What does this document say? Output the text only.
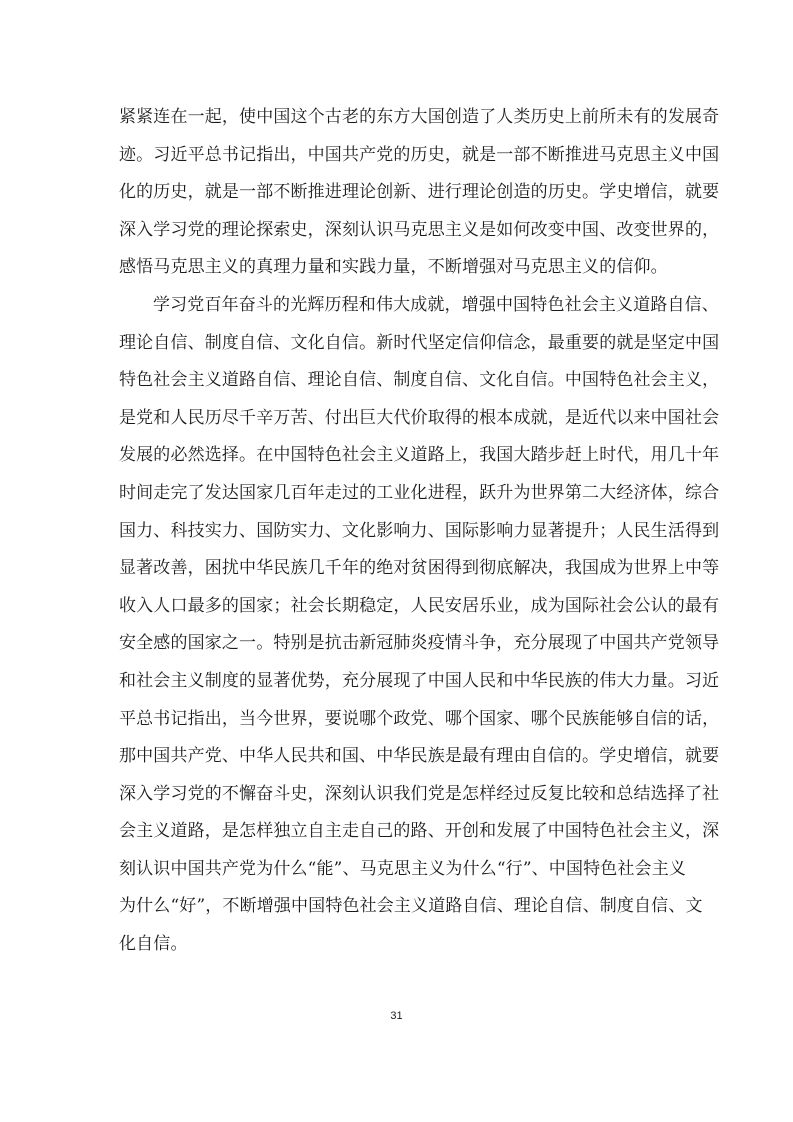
紧紧连在一起，使中国这个古老的东方大国创造了人类历史上前所未有的发展奇
迹。习近平总书记指出，中国共产党的历史，就是一部不断推进马克思主义中国
化的历史，就是一部不断推进理论创新、进行理论创造的历史。学史增信，就要
深入学习党的理论探索史，深刻认识马克思主义是如何改变中国、改变世界的，
感悟马克思主义的真理力量和实践力量，不断增强对马克思主义的信仰。
学习党百年奋斗的光辉历程和伟大成就，增强中国特色社会主义道路自信、
理论自信、制度自信、文化自信。新时代坚定信仰信念，最重要的就是坚定中国
特色社会主义道路自信、理论自信、制度自信、文化自信。中国特色社会主义，
是党和人民历尽千辛万苦、付出巨大代价取得的根本成就，是近代以来中国社会
发展的必然选择。在中国特色社会主义道路上，我国大踏步赶上时代，用几十年
时间走完了发达国家几百年走过的工业化进程，跃升为世界第二大经济体，综合
国力、科技实力、国防实力、文化影响力、国际影响力显著提升；人民生活得到
显著改善，困扰中华民族几千年的绝对贫困得到彻底解决，我国成为世界上中等
收入人口最多的国家；社会长期稳定，人民安居乐业，成为国际社会公认的最有
安全感的国家之一。特别是抗击新冠肺炎疫情斗争，充分展现了中国共产党领导
和社会主义制度的显著优势，充分展现了中国人民和中华民族的伟大力量。习近
平总书记指出，当今世界，要说哪个政党、哪个国家、哪个民族能够自信的话，
那中国共产党、中华人民共和国、中华民族是最有理由自信的。学史增信，就要
深入学习党的不懈奋斗史，深刻认识我们党是怎样经过反复比较和总结选择了社
会主义道路，是怎样独立自主走自己的路、开创和发展了中国特色社会主义，深
刻认识中国共产党为什么“能”、马克思主义为什么“行”、中国特色社会主义
为什么“好”，不断增强中国特色社会主义道路自信、理论自信、制度自信、文
化自信。
31
